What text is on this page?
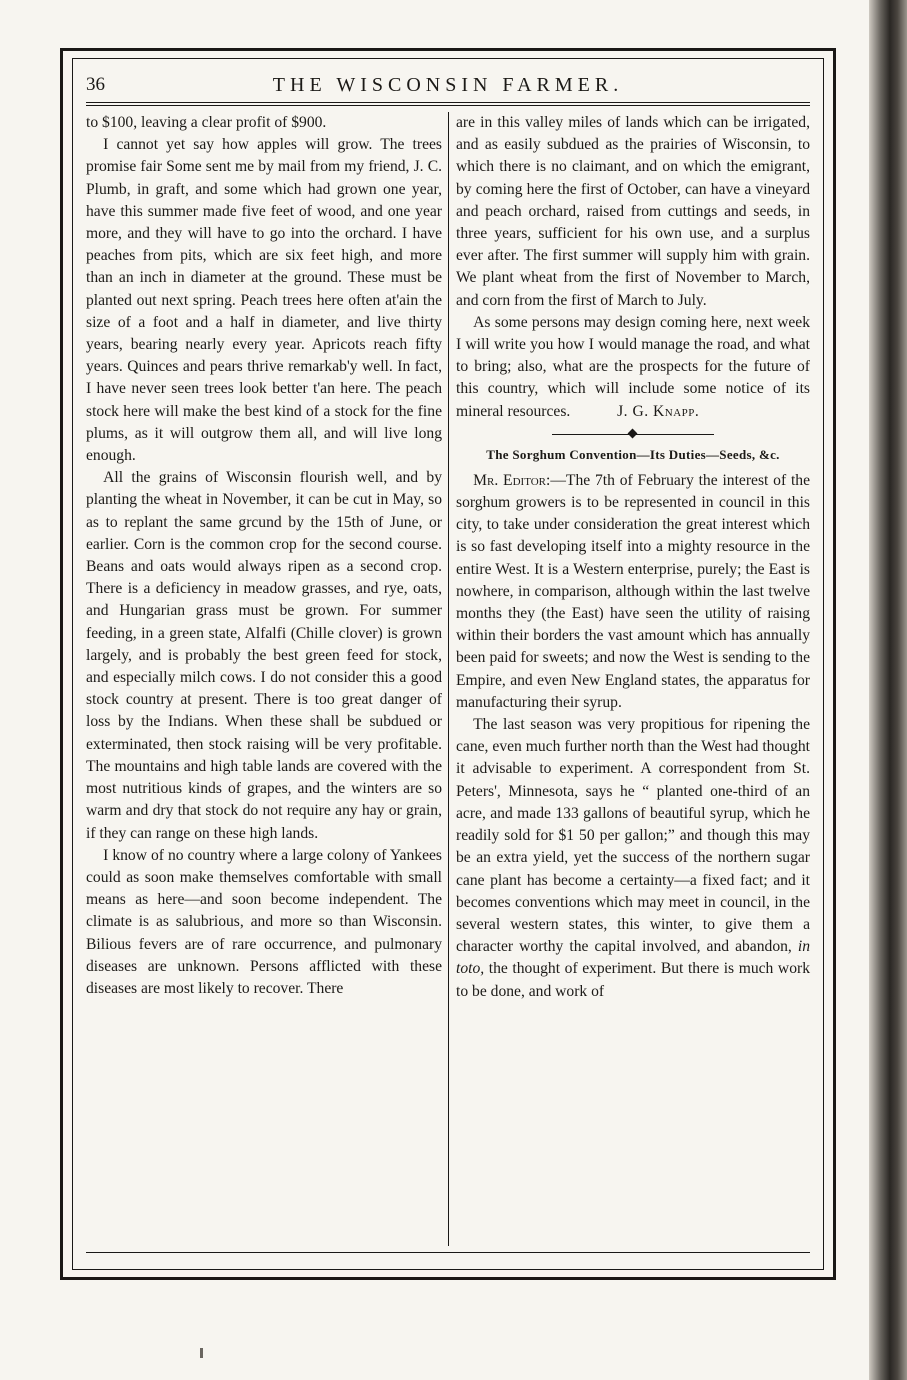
36	THE WISCONSIN FARMER.

to $100, leaving a clear profit of $900.

I cannot yet say how apples will grow. The trees promise fair Some sent me by mail from my friend, J. C. Plumb, in graft, and some which had grown one year, have this summer made five feet of wood, and one year more, and they will have to go into the orchard. I have peaches from pits, which are six feet high, and more than an inch in diameter at the ground. These must be planted out next spring. Peach trees here often at'ain the size of a foot and a half in diameter, and live thirty years, bearing nearly every year. Apricots reach fifty years. Quinces and pears thrive remarkab'y well. In fact, I have never seen trees look better t'an here. The peach stock here will make the best kind of a stock for the fine plums, as it will outgrow them all, and will live long enough.

All the grains of Wisconsin flourish well, and by planting the wheat in November, it can be cut in May, so as to replant the same grcund by the 15th of June, or earlier. Corn is the common crop for the second course. Beans and oats would always ripen as a second crop. There is a deficiency in meadow grasses, and rye, oats, and Hungarian grass must be grown. For summer feeding, in a green state, Alfalfi (Chille clover) is grown largely, and is probably the best green feed for stock, and especially milch cows. I do not consider this a good stock country at present. There is too great danger of loss by the Indians. When these shall be subdued or exterminated, then stock raising will be very profitable. The mountains and high table lands are covered with the most nutritious kinds of grapes, and the winters are so warm and dry that stock do not require any hay or grain, if they can range on these high lands.

I know of no country where a large colony of Yankees could as soon make themselves comfortable with small means as here—and soon become independent. The climate is as salubrious, and more so than Wisconsin. Bilious fevers are of rare occurrence, and pulmonary diseases are unknown. Persons afflicted with these diseases are most likely to recover. There

are in this valley miles of lands which can be irrigated, and as easily subdued as the prairies of Wisconsin, to which there is no claimant, and on which the emigrant, by coming here the first of October, can have a vineyard and peach orchard, raised from cuttings and seeds, in three years, sufficient for his own use, and a surplus ever after. The first summer will supply him with grain. We plant wheat from the first of November to March, and corn from the first of March to July.

As some persons may design coming here, next week I will write you how I would manage the road, and what to bring; also, what are the prospects for the future of this country, which will include some notice of its mineral resources.	J. G. Knapp.

The Sorghum Convention—Its Duties—Seeds, &c.

Mr. Editor:—The 7th of February the interest of the sorghum growers is to be represented in council in this city, to take under consideration the great interest which is so fast developing itself into a mighty resource in the entire West. It is a Western enterprise, purely; the East is nowhere, in comparison, although within the last twelve months they (the East) have seen the utility of raising within their borders the vast amount which has annually been paid for sweets; and now the West is sending to the Empire, and even New England states, the apparatus for manufacturing their syrup.

The last season was very propitious for ripening the cane, even much further north than the West had thought it advisable to experiment. A correspondent from St. Peters', Minnesota, says he “ planted one-third of an acre, and made 133 gallons of beautiful syrup, which he readily sold for $1 50 per gallon;” and though this may be an extra yield, yet the success of the northern sugar cane plant has become a certainty—a fixed fact; and it becomes conventions which may meet in council, in the several western states, this winter, to give them a character worthy the capital involved, and abandon, in toto, the thought of experiment. But there is much work to be done, and work of
